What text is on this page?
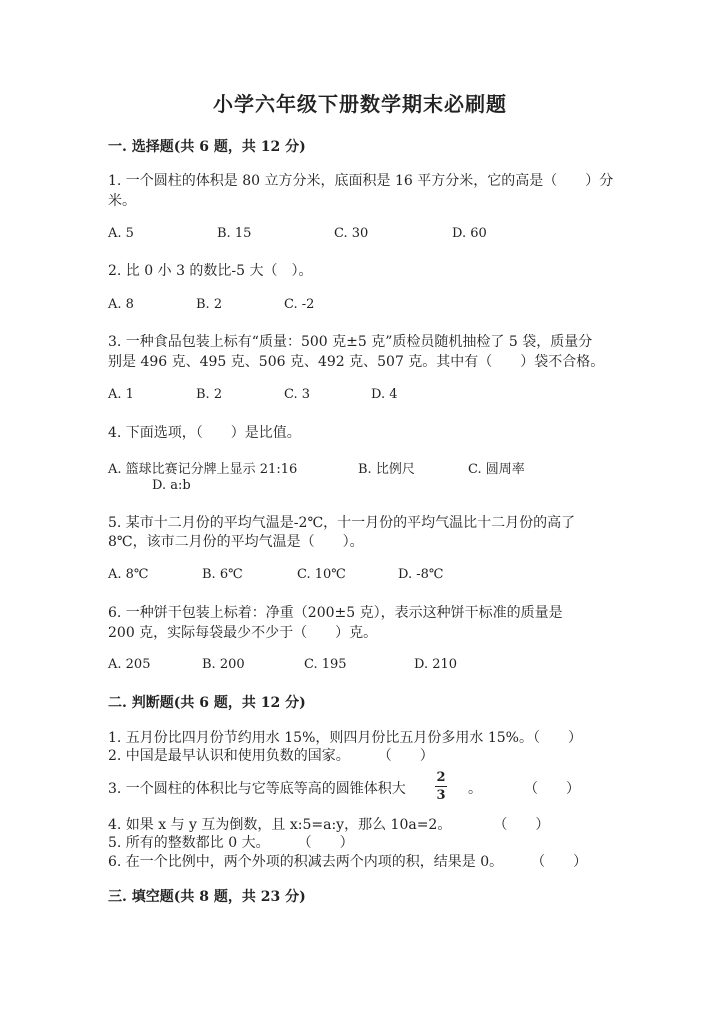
小学六年级下册数学期末必刷题
一. 选择题(共 6 题，共 12 分)
1. 一个圆柱的体积是 80 立方分米，底面积是 16 平方分米，它的高是（　　）分
米。
A. 5	B. 15	C. 30	D. 60
2. 比 0 小 3 的数比-5 大（　）。
A. 8	B. 2	C. -2
3. 一种食品包装上标有“质量：500 克±5 克”质检员随机抽检了 5 袋，质量分
别是 496 克、495 克、506 克、492 克、507 克。其中有（　　）袋不合格。
A. 1	B. 2	C. 3	D. 4
4. 下面选项，（　　）是比值。
A. 篮球比赛记分牌上显示 21:16	B. 比例尺	C. 圆周率
D. a:b
5. 某市十二月份的平均气温是-2℃，十一月份的平均气温比十二月份的高了
8℃，该市二月份的平均气温是（　　）。
A. 8℃	B. 6℃	C. 10℃	D. -8℃
6. 一种饼干包装上标着：净重（200±5 克），表示这种饼干标准的质量是
200 克，实际每袋最少不少于（　　）克。
A. 205	B. 200	C. 195	D. 210
二. 判断题(共 6 题，共 12 分)
1. 五月份比四月份节约用水 15%，则四月份比五月份多用水 15%。（　　）
2. 中国是最早认识和使用负数的国家。　　　（　　）
3. 一个圆柱的体积比与它等底等高的圆锥体积大
2
3 。	（　　）
4. 如果 x 与 y 互为倒数，且 x:5=a:y，那么 10a=2。　　　　（　　）
5. 所有的整数都比 0 大。　　　（　　）
6. 在一个比例中，两个外项的积减去两个内项的积，结果是 0。　　　（　　）
三. 填空题(共 8 题，共 23 分)
